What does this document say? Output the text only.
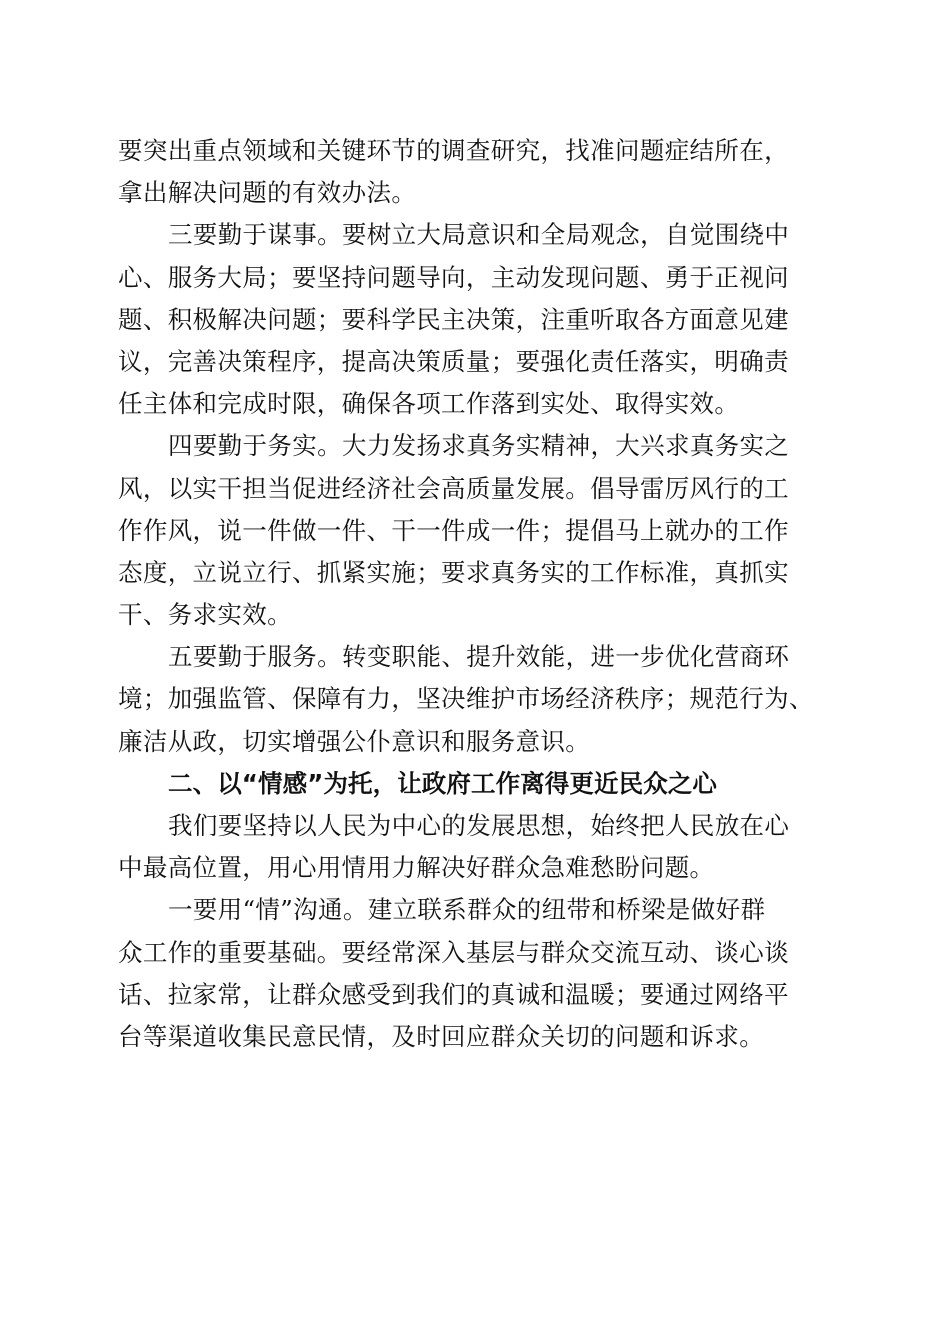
要突出重点领域和关键环节的调查研究，找准问题症结所在，
拿出解决问题的有效办法。
三要勤于谋事。要树立大局意识和全局观念，自觉围绕中
心、服务大局；要坚持问题导向，主动发现问题、勇于正视问
题、积极解决问题；要科学民主决策，注重听取各方面意见建
议，完善决策程序，提高决策质量；要强化责任落实，明确责
任主体和完成时限，确保各项工作落到实处、取得实效。
四要勤于务实。大力发扬求真务实精神，大兴求真务实之
风，以实干担当促进经济社会高质量发展。倡导雷厉风行的工
作作风，说一件做一件、干一件成一件；提倡马上就办的工作
态度，立说立行、抓紧实施；要求真务实的工作标准，真抓实
干、务求实效。
五要勤于服务。转变职能、提升效能，进一步优化营商环
境；加强监管、保障有力，坚决维护市场经济秩序；规范行为、
廉洁从政，切实增强公仆意识和服务意识。
二、以“情感”为托，让政府工作离得更近民众之心
我们要坚持以人民为中心的发展思想，始终把人民放在心
中最高位置，用心用情用力解决好群众急难愁盼问题。
一要用“情”沟通。建立联系群众的纽带和桥梁是做好群
众工作的重要基础。要经常深入基层与群众交流互动、谈心谈
话、拉家常，让群众感受到我们的真诚和温暖；要通过网络平
台等渠道收集民意民情，及时回应群众关切的问题和诉求。
